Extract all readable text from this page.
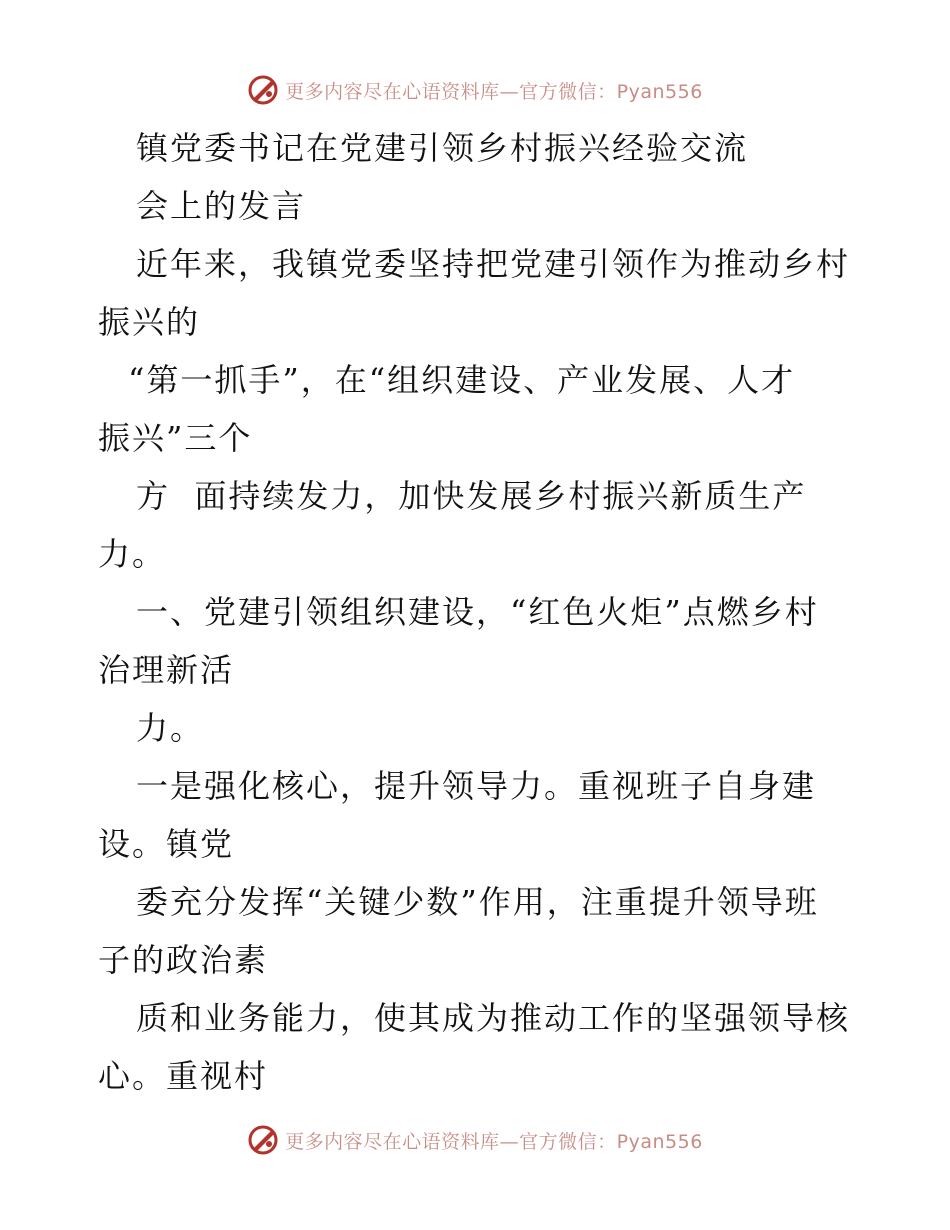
更多内容尽在心语资料库—官方微信：Pyan556
镇党委书记在党建引领乡村振兴经验交流
会上的发言
近年来，我镇党委坚持把党建引领作为推动乡村
振兴的
“第一抓手”，在“组织建设、产业发展、人才
振兴”三个
方  面持续发力，加快发展乡村振兴新质生产
力。
一、党建引领组织建设，“红色火炬”点燃乡村
治理新活
力。
一是强化核心，提升领导力。重视班子自身建
设。镇党
委充分发挥“关键少数”作用，注重提升领导班
子的政治素
质和业务能力，使其成为推动工作的坚强领导核
心。重视村
更多内容尽在心语资料库—官方微信：Pyan556
